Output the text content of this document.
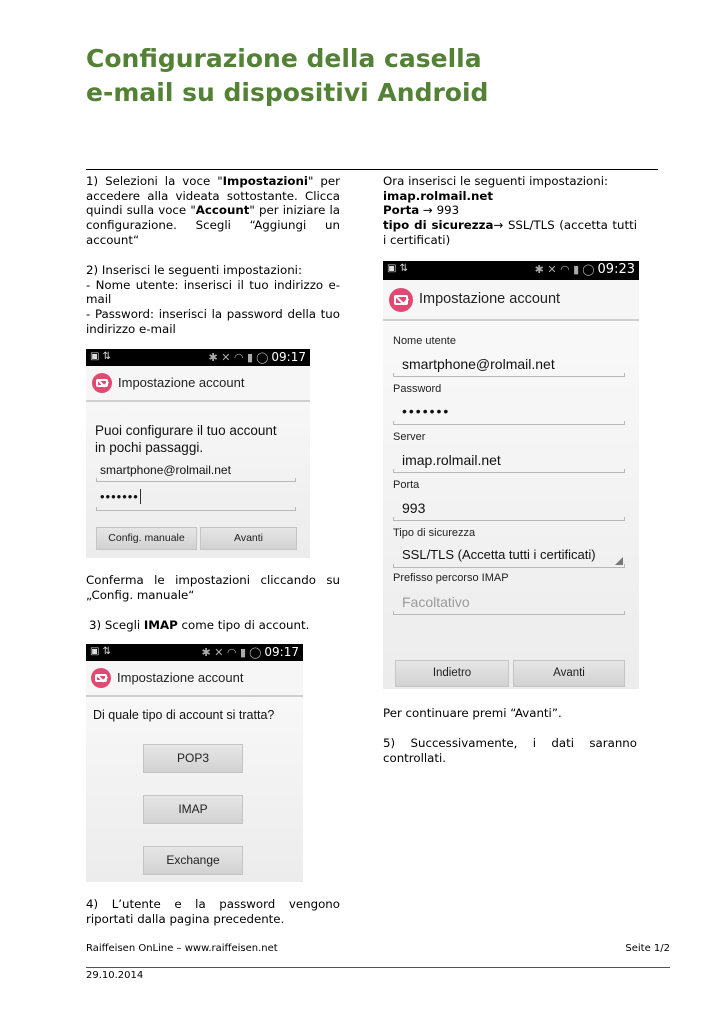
Configurazione della casella
e-mail su dispositivi Android

1) Selezioni la voce "Impostazioni" per accedere alla videata sottostante. Clicca quindi sulla voce "Account" per iniziare la configurazione. Scegli “Aggiungi un account“

2) Inserisci le seguenti impostazioni:
- Nome utente: inserisci il tuo indirizzo e-mail
- Password: inserisci la password della tuo indirizzo e-mail

▣ ⇅	✱ ✕ ◠ ▮ ◯ 09:17
Impostazione account
Puoi configurare il tuo account
in pochi passaggi.
smartphone@rolmail.net
•••••••
Config. manuale	Avanti

Conferma le impostazioni cliccando su „Config. manuale“

3) Scegli IMAP come tipo di account.

▣ ⇅	✱ ✕ ◠ ▮ ◯ 09:17
Impostazione account
Di quale tipo di account si tratta?
POP3
IMAP
Exchange

4) L’utente e la password vengono riportati dalla pagina precedente.

Ora inserisci le seguenti impostazioni:
imap.rolmail.net
Porta → 993
tipo di sicurezza→ SSL/TLS (accetta tutti i certificati)

▣ ⇅	✱ ✕ ◠ ▮ ◯ 09:23
Impostazione account
Nome utente
smartphone@rolmail.net
Password
•••••••
Server
imap.rolmail.net
Porta
993
Tipo di sicurezza
SSL/TLS (Accetta tutti i certificati)
Prefisso percorso IMAP
Facoltativo
Indietro	Avanti

Per continuare premi “Avanti”.

5) Successivamente, i dati saranno controllati.

Raiffeisen OnLine – www.raiffeisen.net	Seite 1/2
29.10.2014
